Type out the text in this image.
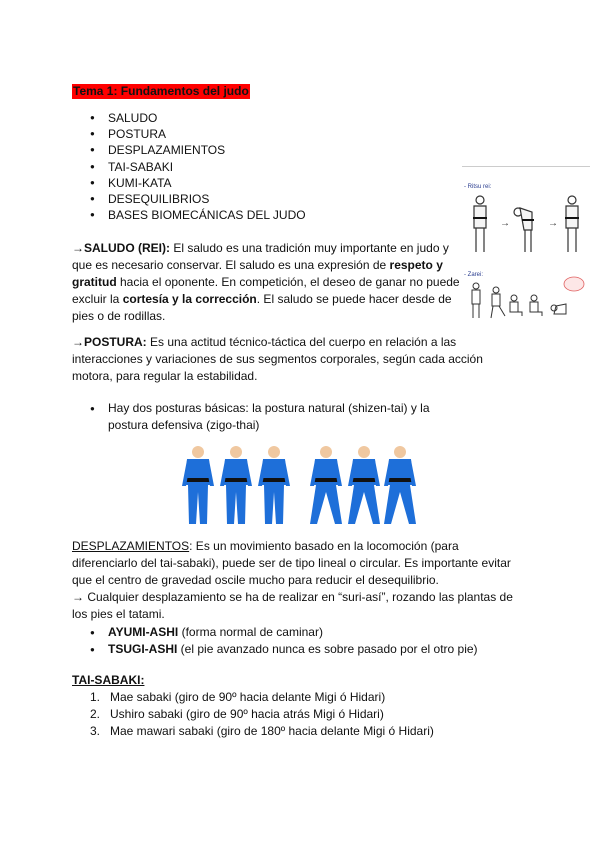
Tema 1: Fundamentos del judo
● SALUDO
● POSTURA
● DESPLAZAMIENTOS
● TAI-SABAKI
● KUMI-KATA
● DESEQUILIBRIOS
● BASES BIOMECÁNICAS DEL JUDO
- Ritsu rei:
→	→
- Zarei:
→SALUDO (REI): El saludo es una tradición muy importante en judo y que es necesario conservar. El saludo es una expresión de respeto y gratitud hacia el oponente. En competición, el deseo de ganar no puede excluir la cortesía y la corrección. El saludo se puede hacer desde de pies o de rodillas.
→POSTURA: Es una actitud técnico-táctica del cuerpo en relación a las interacciones y variaciones de sus segmentos corporales, según cada acción motora, para regular la estabilidad.
● Hay dos posturas básicas: la postura natural (shizen-tai) y la postura defensiva (zigo-thai)
DESPLAZAMIENTOS: Es un movimiento basado en la locomoción (para diferenciarlo del tai-sabaki), puede ser de tipo lineal o circular. Es importante evitar que el centro de gravedad oscile mucho para reducir el desequilibrio.
→ Cualquier desplazamiento se ha de realizar en “suri-así”, rozando las plantas de los pies el tatami.
● AYUMI-ASHI (forma normal de caminar)
● TSUGI-ASHI (el pie avanzado nunca es sobre pasado por el otro pie)
TAI-SABAKI:
1. Mae sabaki (giro de 90º hacia delante Migi ó Hidari)
2. Ushiro sabaki (giro de 90º hacia atrás Migi ó Hidari)
3. Mae mawari sabaki (giro de 180º hacia delante Migi ó Hidari)
